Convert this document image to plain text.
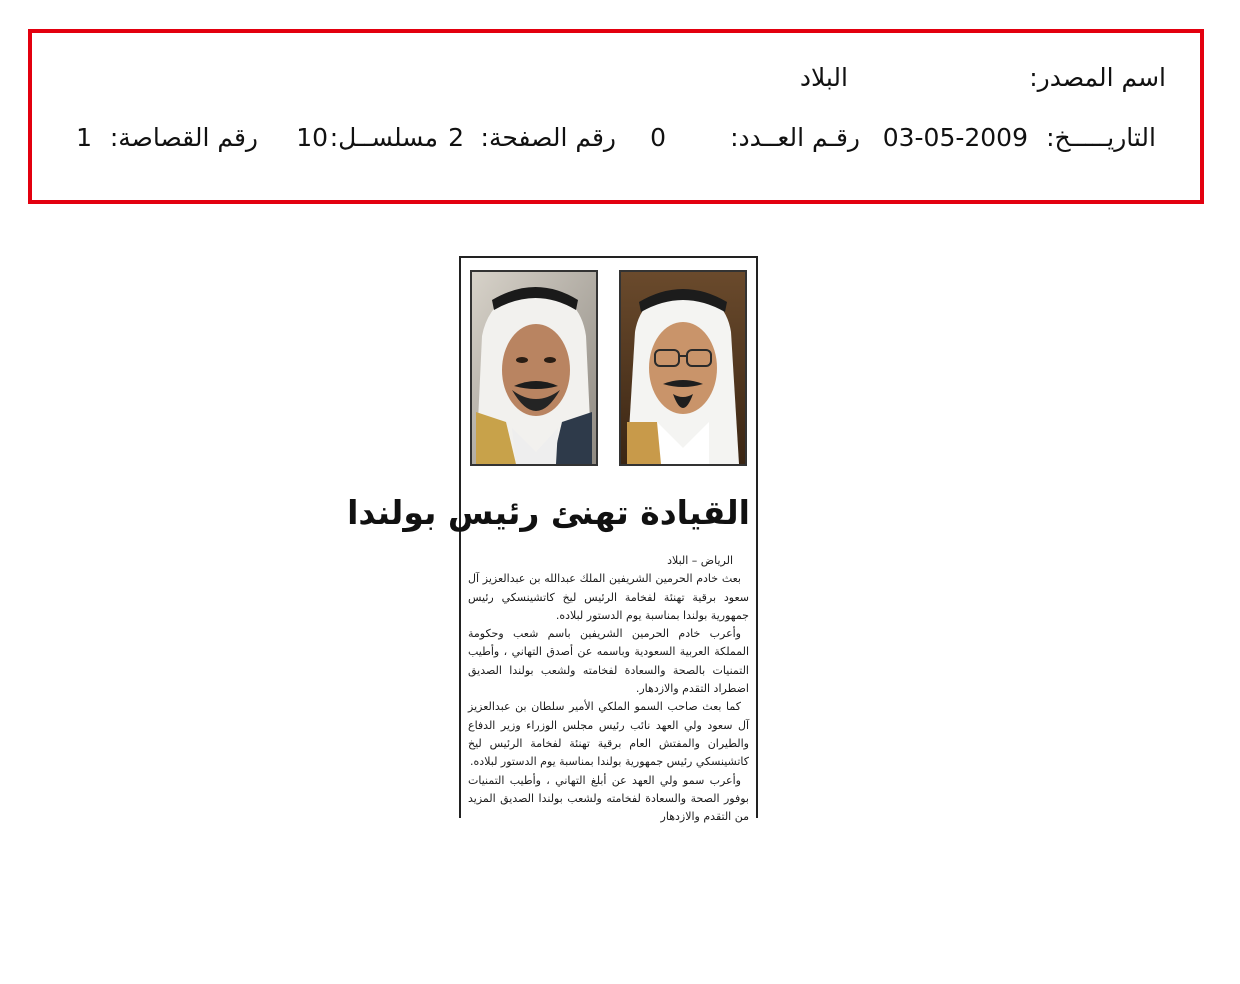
اسم المصدر:
البلاد
التاريـــــخ:
03-05-2009
رقـم العــدد:
0
رقم الصفحة:
2
مسلســل:
10
رقم القصاصة:
1
القيادة تهنئ رئيس بولندا

الرياض – البلاد

بعث خادم الحرمين الشريفين الملك عبدالله بن عبدالعزيز آل سعود برقية تهنئة لفخامة الرئيس ليخ كاتشينسكي رئيس جمهورية بولندا بمناسبة يوم الدستور لبلاده.

وأعرب خادم الحرمين الشريفين باسم شعب وحكومة المملكة العربية السعودية وباسمه عن أصدق التهاني ، وأطيب التمنيات بالصحة والسعادة لفخامته ولشعب بولندا الصديق اضطراد التقدم والازدهار.

كما بعث صاحب السمو الملكي الأمير سلطان بن عبدالعزيز آل سعود ولي العهد نائب رئيس مجلس الوزراء وزير الدفاع والطيران والمفتش العام برقية تهنئة لفخامة الرئيس ليخ كاتشينسكي رئيس جمهورية بولندا بمناسبة يوم الدستور لبلاده.

وأعرب سمو ولي العهد عن أبلغ التهاني ، وأطيب التمنيات بوفور الصحة والسعادة لفخامته ولشعب بولندا الصديق المزيد من التقدم والازدهار
